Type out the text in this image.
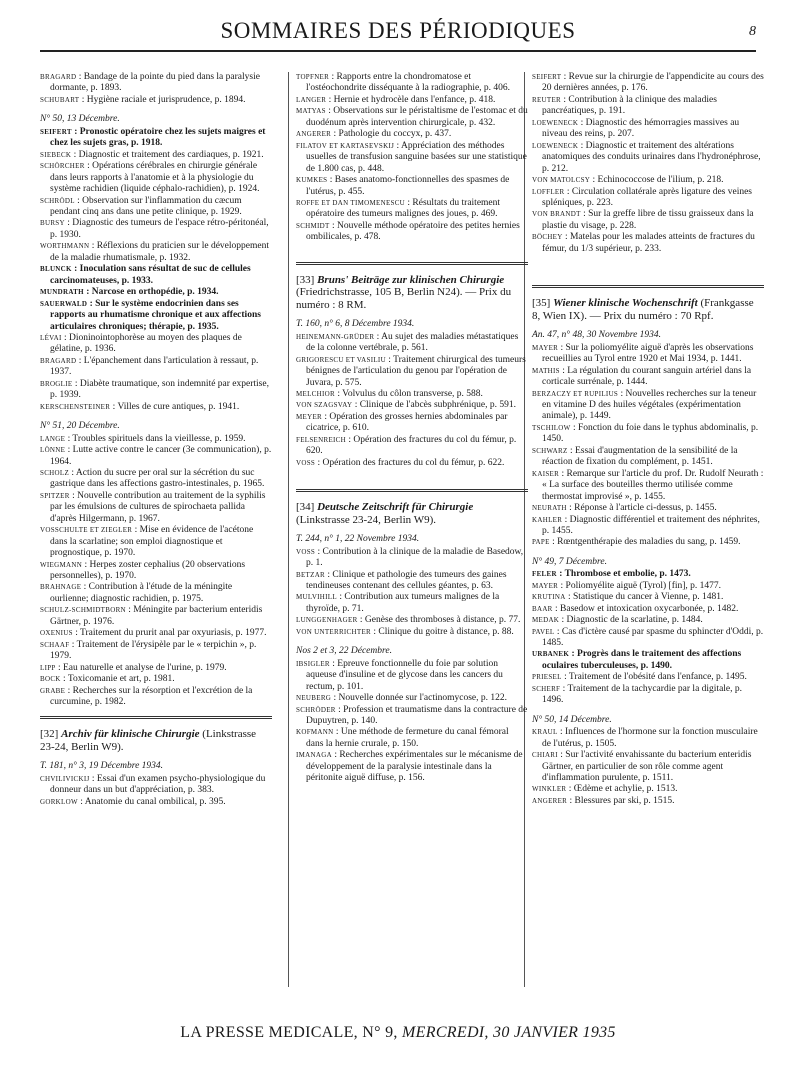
SOMMAIRES DES PÉRIODIQUES	8
BRAGARD : Bandage de la pointe du pied dans la paralysie dormante, p. 1893.
SCHUBART : Hygiène raciale et jurisprudence, p. 1894.
N° 50, 13 Décembre.
SEIFERT : Pronostic opératoire chez les sujets maigres et chez les sujets gras, p. 1918.
SIEBECK : Diagnostic et traitement des cardiaques, p. 1921.
SCHÖRCHER : Opérations cérébrales en chirurgie générale dans leurs rapports à l'anatomie et à la physiologie du système rachidien (liquide céphalo-rachidien), p. 1924.
SCHRÖDL : Observation sur l'inflammation du cæcum pendant cinq ans dans une petite clinique, p. 1929.
BURSY : Diagnostic des tumeurs de l'espace rétro-péritonéal, p. 1930.
WORTHMANN : Réflexions du praticien sur le développement de la maladie rhumatismale, p. 1932.
BLUNCK : Inoculation sans résultat de suc de cellules carcinomateuses, p. 1933.
MUNDRATH : Narcose en orthopédie, p. 1934.
SAUERWALD : Sur le système endocrinien dans ses rapports au rhumatisme chronique et aux affections articulaires chroniques; thérapie, p. 1935.
LÉVAI : Dioninointophorèse au moyen des plaques de gélatine, p. 1936.
BRAGARD : L'épanchement dans l'articulation à ressaut, p. 1937.
BROGLIE : Diabète traumatique, son indemnité par expertise, p. 1939.
KERSCHENSTEINER : Villes de cure antiques, p. 1941.
N° 51, 20 Décembre.
LANGE : Troubles spirituels dans la vieillesse, p. 1959.
LÖNNE : Lutte active contre le cancer (3e communication), p. 1964.
SCHOLZ : Action du sucre per oral sur la sécrétion du suc gastrique dans les affections gastro-intestinales, p. 1965.
SPITZER : Nouvelle contribution au traitement de la syphilis par les émulsions de cultures de spirochaeta pallida d'après Hilgermann, p. 1967.
VOSSCHULTE ET ZIEGLER : Mise en évidence de l'acétone dans la scarlatine; son emploi diagnostique et prognostique, p. 1970.
WIEGMANN : Herpes zoster cephalius (20 observations personnelles), p. 1970.
BRAHNAGE : Contribution à l'étude de la méningite ourlienne; diagnostic rachidien, p. 1975.
SCHULZ-SCHMIDTBORN : Méningite par bacterium enteridis Gärtner, p. 1976.
OXENIUS : Traitement du prurit anal par oxyuriasis, p. 1977.
SCHAAF : Traitement de l'érysipèle par le « terpichin », p. 1979.
LIPP : Eau naturelle et analyse de l'urine, p. 1979.
BOCK : Toxicomanie et art, p. 1981.
GRABE : Recherches sur la résorption et l'excrétion de la curcumine, p. 1982.
[32] Archiv für klinische Chirurgie (Linkstrasse 23-24, Berlin W9).
T. 181, n° 3, 19 Décembre 1934.
CHVILIVICKIJ : Essai d'un examen psycho-physiologique du donneur dans un but d'appréciation, p. 383.
GORKLOW : Anatomie du canal ombilical, p. 395.
TOPFNER : Rapports entre la chondromatose et l'ostéochondrite disséquante à la radiographie, p. 406.
LANGER : Hernie et hydrocèle dans l'enfance, p. 418.
MATYAS : Observations sur le péristaltisme de l'estomac et du duodénum après intervention chirurgicale, p. 432.
ANGERER : Pathologie du coccyx, p. 437.
FILATOV ET KARTASEVSKIJ : Appréciation des méthodes usuelles de transfusion sanguine basées sur une statistique de 1.800 cas, p. 448.
KUMKES : Bases anatomo-fonctionnelles des spasmes de l'utérus, p. 455.
ROFFE ET DAN TIMOMENESCU : Résultats du traitement opératoire des tumeurs malignes des joues, p. 469.
SCHMIDT : Nouvelle méthode opératoire des petites hernies ombilicales, p. 478.
[33] Bruns' Beiträge zur klinischen Chirurgie (Friedrichstrasse, 105 B, Berlin N24). — Prix du numéro : 8 RM.
T. 160, n° 6, 8 Décembre 1934.
HEINEMANN-GRÜDER : Au sujet des maladies métastatiques de la colonne vertébrale, p. 561.
GRIGORESCU ET VASILIU : Traitement chirurgical des tumeurs bénignes de l'articulation du genou par l'opération de Juvara, p. 575.
MELCHIOR : Volvulus du côlon transverse, p. 588.
VON SZAGSVAY : Clinique de l'abcès subphrénique, p. 591.
MEYER : Opération des grosses hernies abdominales par cicatrice, p. 610.
FELSENREICH : Opération des fractures du col du fémur, p. 620.
VOSS : Opération des fractures du col du fémur, p. 622.
[34] Deutsche Zeitschrift für Chirurgie (Linkstrasse 23-24, Berlin W9).
T. 244, n° 1, 22 Novembre 1934.
VOSS : Contribution à la clinique de la maladie de Basedow, p. 1.
BETZAR : Clinique et pathologie des tumeurs des gaines tendineuses contenant des cellules géantes, p. 63.
MULVIHILL : Contribution aux tumeurs malignes de la thyroïde, p. 71.
LUNGGENHAGER : Genèse des thromboses à distance, p. 77.
VON UNTERRICHTER : Clinique du goitre à distance, p. 88.
Nos 2 et 3, 22 Décembre.
IBSIGLER : Epreuve fonctionnelle du foie par solution aqueuse d'insuline et de glycose dans les cancers du rectum, p. 101.
NEUBERG : Nouvelle donnée sur l'actinomycose, p. 122.
SCHRÖDER : Profession et traumatisme dans la contracture de Dupuytren, p. 140.
KOFMANN : Une méthode de fermeture du canal fémoral dans la hernie crurale, p. 150.
IMANAGA : Recherches expérimentales sur le mécanisme de développement de la paralysie intestinale dans la péritonite aiguë diffuse, p. 156.
SEIFERT : Revue sur la chirurgie de l'appendicite au cours des 20 dernières années, p. 176.
REUTER : Contribution à la clinique des maladies pancréatiques, p. 191.
LOEWENECK : Diagnostic des hémorragies massives au niveau des reins, p. 207.
LOEWENECK : Diagnostic et traitement des altérations anatomiques des conduits urinaires dans l'hydronéphrose, p. 212.
VON MATOLCSY : Echinococcose de l'ilium, p. 218.
LOFFLER : Circulation collatérale après ligature des veines spléniques, p. 223.
VON BRANDT : Sur la greffe libre de tissu graisseux dans la plastie du visage, p. 228.
BÖCHEY : Matelas pour les malades atteints de fractures du fémur, du 1/3 supérieur, p. 233.
[35] Wiener klinische Wochenschrift (Frankgasse 8, Wien IX). — Prix du numéro : 70 Rpf.
An. 47, n° 48, 30 Novembre 1934.
MAYER : Sur la poliomyélite aiguë d'après les observations recueillies au Tyrol entre 1920 et Mai 1934, p. 1441.
MATHIS : La régulation du courant sanguin artériel dans la corticale surrénale, p. 1444.
BERZACZY ET RUPILIUS : Nouvelles recherches sur la teneur en vitamine D des huiles végétales (expérimentation animale), p. 1449.
TSCHILOW : Fonction du foie dans le typhus abdominalis, p. 1450.
SCHWARZ : Essai d'augmentation de la sensibilité de la réaction de fixation du complément, p. 1451.
KAISER : Remarque sur l'article du prof. Dr. Rudolf Neurath : « La surface des bouteilles thermo utilisée comme thermostat improvisé », p. 1455.
NEURATH : Réponse à l'article ci-dessus, p. 1455.
KAHLER : Diagnostic différentiel et traitement des néphrites, p. 1455.
PAPE : Rœntgenthérapie des maladies du sang, p. 1459.
N° 49, 7 Décembre.
FELER : Thrombose et embolie, p. 1473.
MAYER : Poliomyélite aiguë (Tyrol) [fin], p. 1477.
KRUTINA : Statistique du cancer à Vienne, p. 1481.
BAAR : Basedow et intoxication oxycarbonée, p. 1482.
MEDAK : Diagnostic de la scarlatine, p. 1484.
PAVEL : Cas d'ictère causé par spasme du sphincter d'Oddi, p. 1485.
URBANEK : Progrès dans le traitement des affections oculaires tuberculeuses, p. 1490.
PRIESEL : Traitement de l'obésité dans l'enfance, p. 1495.
SCHERF : Traitement de la tachycardie par la digitale, p. 1496.
N° 50, 14 Décembre.
KRAUL : Influences de l'hormone sur la fonction musculaire de l'utérus, p. 1505.
CHIARI : Sur l'activité envahissante du bacterium enteridis Gärtner, en particulier de son rôle comme agent d'inflammation purulente, p. 1511.
WINKLER : Œdème et achylie, p. 1513.
ANGERER : Blessures par ski, p. 1515.
LA PRESSE MEDICALE, N° 9, MERCREDI, 30 JANVIER 1935
